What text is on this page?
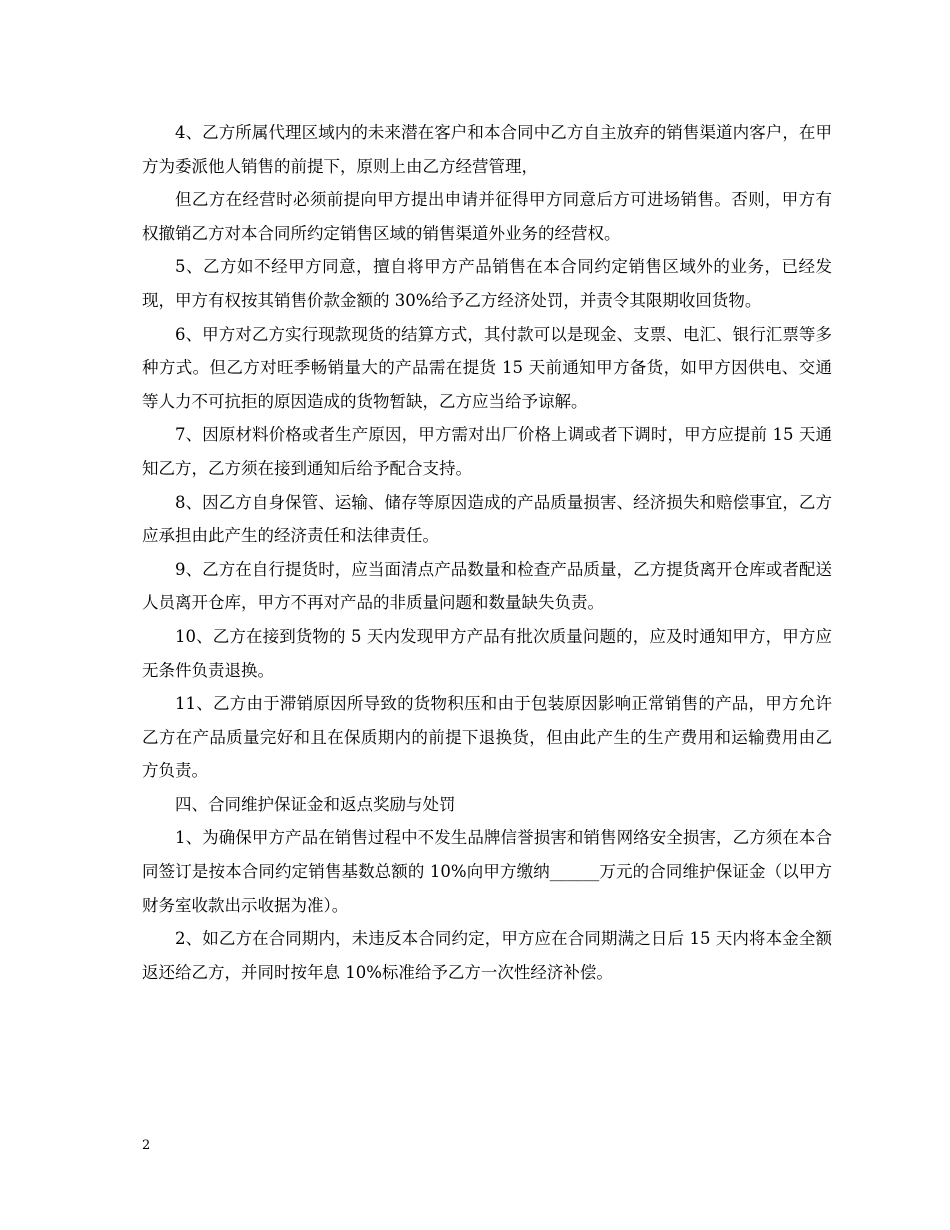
4、乙方所属代理区域内的未来潜在客户和本合同中乙方自主放弃的销售渠道内客户，在甲方为委派他人销售的前提下，原则上由乙方经营管理，

但乙方在经营时必须前提向甲方提出申请并征得甲方同意后方可进场销售。否则，甲方有权撤销乙方对本合同所约定销售区域的销售渠道外业务的经营权。

5、乙方如不经甲方同意，擅自将甲方产品销售在本合同约定销售区域外的业务，已经发现，甲方有权按其销售价款金额的 30%给予乙方经济处罚，并责令其限期收回货物。

6、甲方对乙方实行现款现货的结算方式，其付款可以是现金、支票、电汇、银行汇票等多种方式。但乙方对旺季畅销量大的产品需在提货 15 天前通知甲方备货，如甲方因供电、交通等人力不可抗拒的原因造成的货物暂缺，乙方应当给予谅解。

7、因原材料价格或者生产原因，甲方需对出厂价格上调或者下调时，甲方应提前 15 天通知乙方，乙方须在接到通知后给予配合支持。

8、因乙方自身保管、运输、储存等原因造成的产品质量损害、经济损失和赔偿事宜，乙方应承担由此产生的经济责任和法律责任。

9、乙方在自行提货时，应当面清点产品数量和检查产品质量，乙方提货离开仓库或者配送人员离开仓库，甲方不再对产品的非质量问题和数量缺失负责。

10、乙方在接到货物的 5 天内发现甲方产品有批次质量问题的，应及时通知甲方，甲方应无条件负责退换。

11、乙方由于滞销原因所导致的货物积压和由于包装原因影响正常销售的产品，甲方允许乙方在产品质量完好和且在保质期内的前提下退换货，但由此产生的生产费用和运输费用由乙方负责。

四、合同维护保证金和返点奖励与处罚

1、为确保甲方产品在销售过程中不发生品牌信誉损害和销售网络安全损害，乙方须在本合同签订是按本合同约定销售基数总额的 10%向甲方缴纳______万元的合同维护保证金（以甲方财务室收款出示收据为准）。

2、如乙方在合同期内，未违反本合同约定，甲方应在合同期满之日后 15 天内将本金全额返还给乙方，并同时按年息 10%标准给予乙方一次性经济补偿。

2
